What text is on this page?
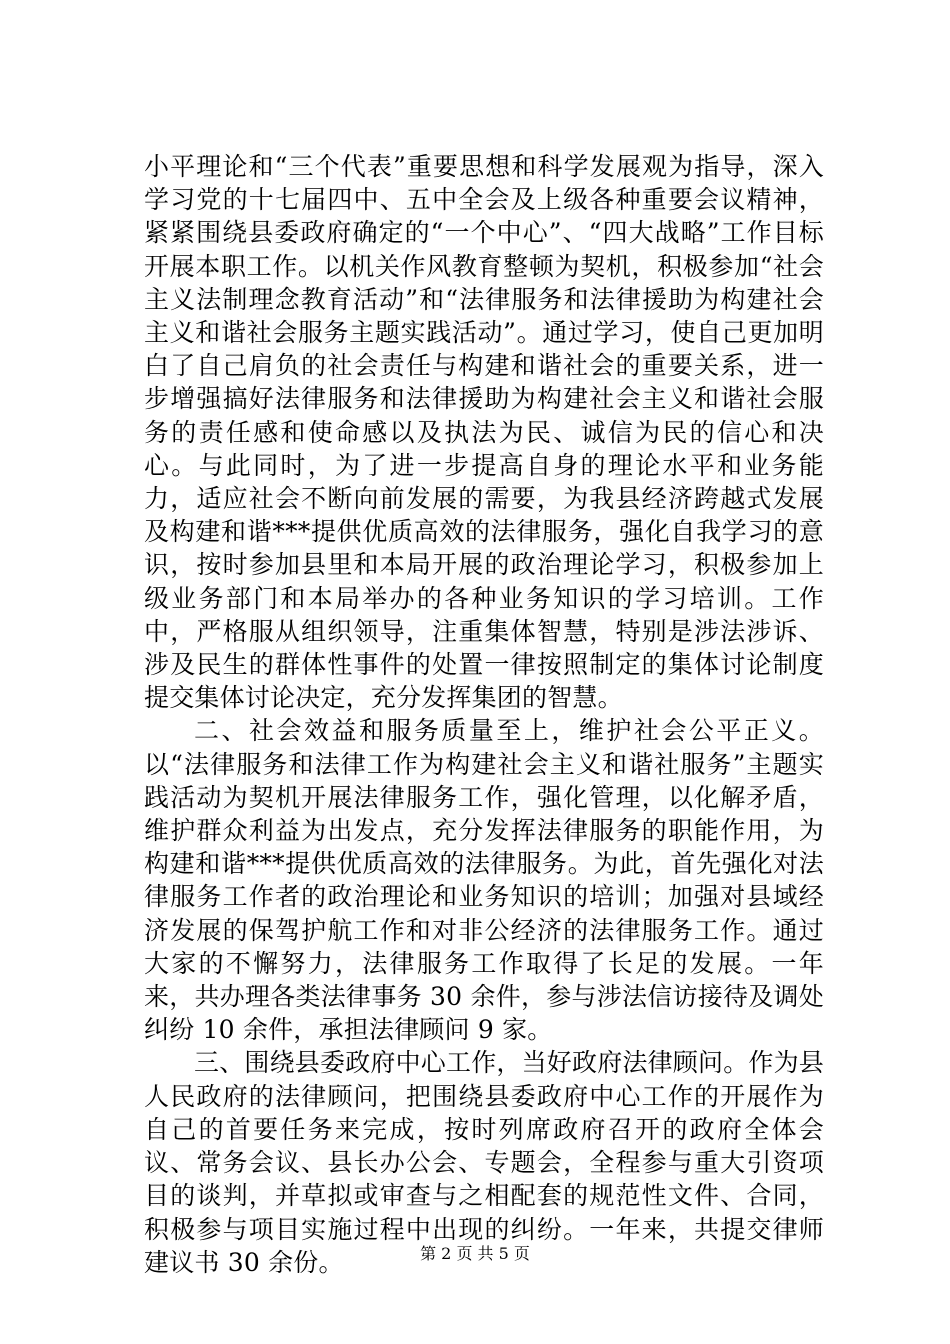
小平理论和“三个代表”重要思想和科学发展观为指导，深入学习党的十七届四中、五中全会及上级各种重要会议精神，紧紧围绕县委政府确定的“一个中心”、“四大战略”工作目标开展本职工作。以机关作风教育整顿为契机，积极参加“社会主义法制理念教育活动”和“法律服务和法律援助为构建社会主义和谐社会服务主题实践活动”。通过学习，使自己更加明白了自己肩负的社会责任与构建和谐社会的重要关系，进一步增强搞好法律服务和法律援助为构建社会主义和谐社会服务的责任感和使命感以及执法为民、诚信为民的信心和决心。与此同时，为了进一步提高自身的理论水平和业务能力，适应社会不断向前发展的需要，为我县经济跨越式发展及构建和谐***提供优质高效的法律服务，强化自我学习的意识，按时参加县里和本局开展的政治理论学习，积极参加上级业务部门和本局举办的各种业务知识的学习培训。工作中，严格服从组织领导，注重集体智慧，特别是涉法涉诉、涉及民生的群体性事件的处置一律按照制定的集体讨论制度提交集体讨论决定，充分发挥集团的智慧。

二、社会效益和服务质量至上，维护社会公平正义。以“法律服务和法律工作为构建社会主义和谐社服务”主题实践活动为契机开展法律服务工作，强化管理，以化解矛盾，维护群众利益为出发点，充分发挥法律服务的职能作用，为构建和谐***提供优质高效的法律服务。为此，首先强化对法律服务工作者的政治理论和业务知识的培训；加强对县域经济发展的保驾护航工作和对非公经济的法律服务工作。通过大家的不懈努力，法律服务工作取得了长足的发展。一年来，共办理各类法律事务 30 余件，参与涉法信访接待及调处纠纷 10 余件，承担法律顾问 9 家。

三、围绕县委政府中心工作，当好政府法律顾问。作为县人民政府的法律顾问，把围绕县委政府中心工作的开展作为自己的首要任务来完成，按时列席政府召开的政府全体会议、常务会议、县长办公会、专题会，全程参与重大引资项目的谈判，并草拟或审查与之相配套的规范性文件、合同，积极参与项目实施过程中出现的纠纷。一年来，共提交律师建议书 30 余份。	第 2 页 共 5 页
